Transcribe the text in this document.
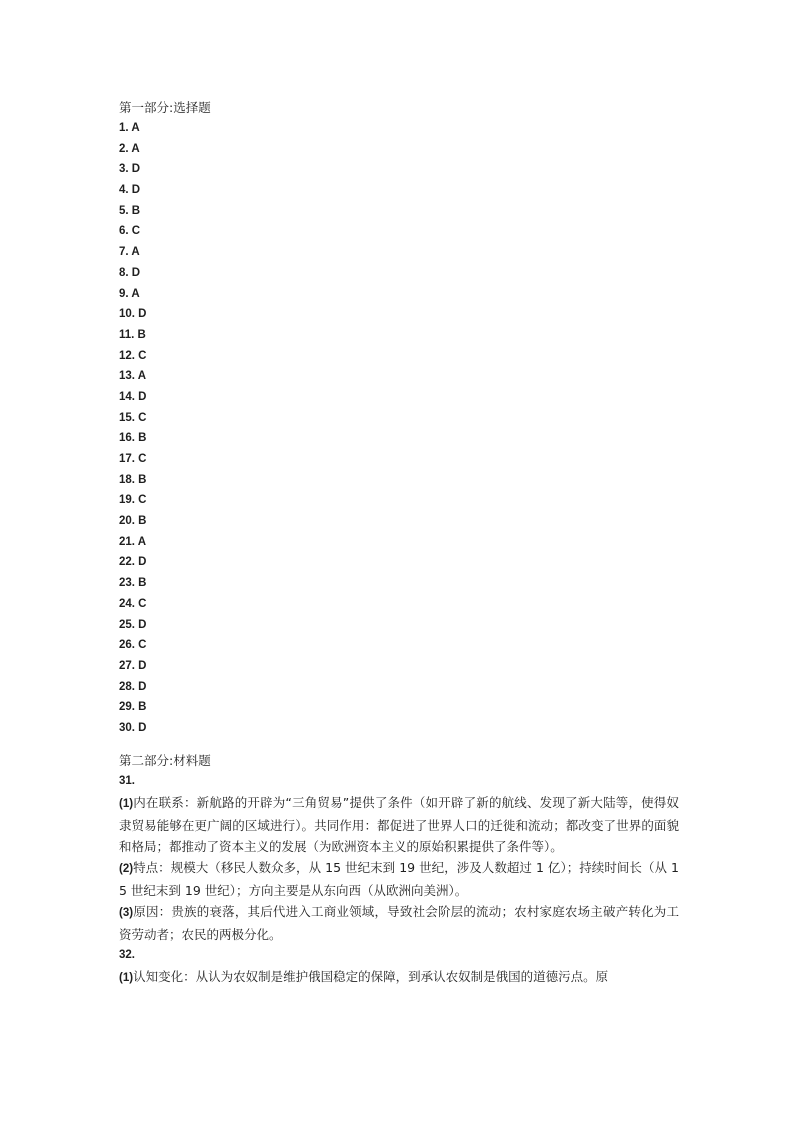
第一部分:选择题
1. A
2. A
3. D
4. D
5. B
6. C
7. A
8. D
9. A
10. D
11. B
12. C
13. A
14. D
15. C
16. B
17. C
18. B
19. C
20. B
21. A
22. D
23. B
24. C
25. D
26. C
27. D
28. D
29. B
30. D
第二部分:材料题
31.
(1)内在联系：新航路的开辟为“三角贸易”提供了条件（如开辟了新的航线、发现了新大陆等，使得奴隶贸易能够在更广阔的区域进行）。共同作用：都促进了世界人口的迁徙和流动；都改变了世界的面貌和格局；都推动了资本主义的发展（为欧洲资本主义的原始积累提供了条件等）。
(2)特点：规模大（移民人数众多，从 15 世纪末到 19 世纪，涉及人数超过 1 亿）；持续时间长（从 15 世纪末到 19 世纪）；方向主要是从东向西（从欧洲向美洲）。
(3)原因：贵族的衰落，其后代进入工商业领域，导致社会阶层的流动；农村家庭农场主破产转化为工资劳动者；农民的两极分化。
32.
(1)认知变化：从认为农奴制是维护俄国稳定的保障，到承认农奴制是俄国的道德污点。原
